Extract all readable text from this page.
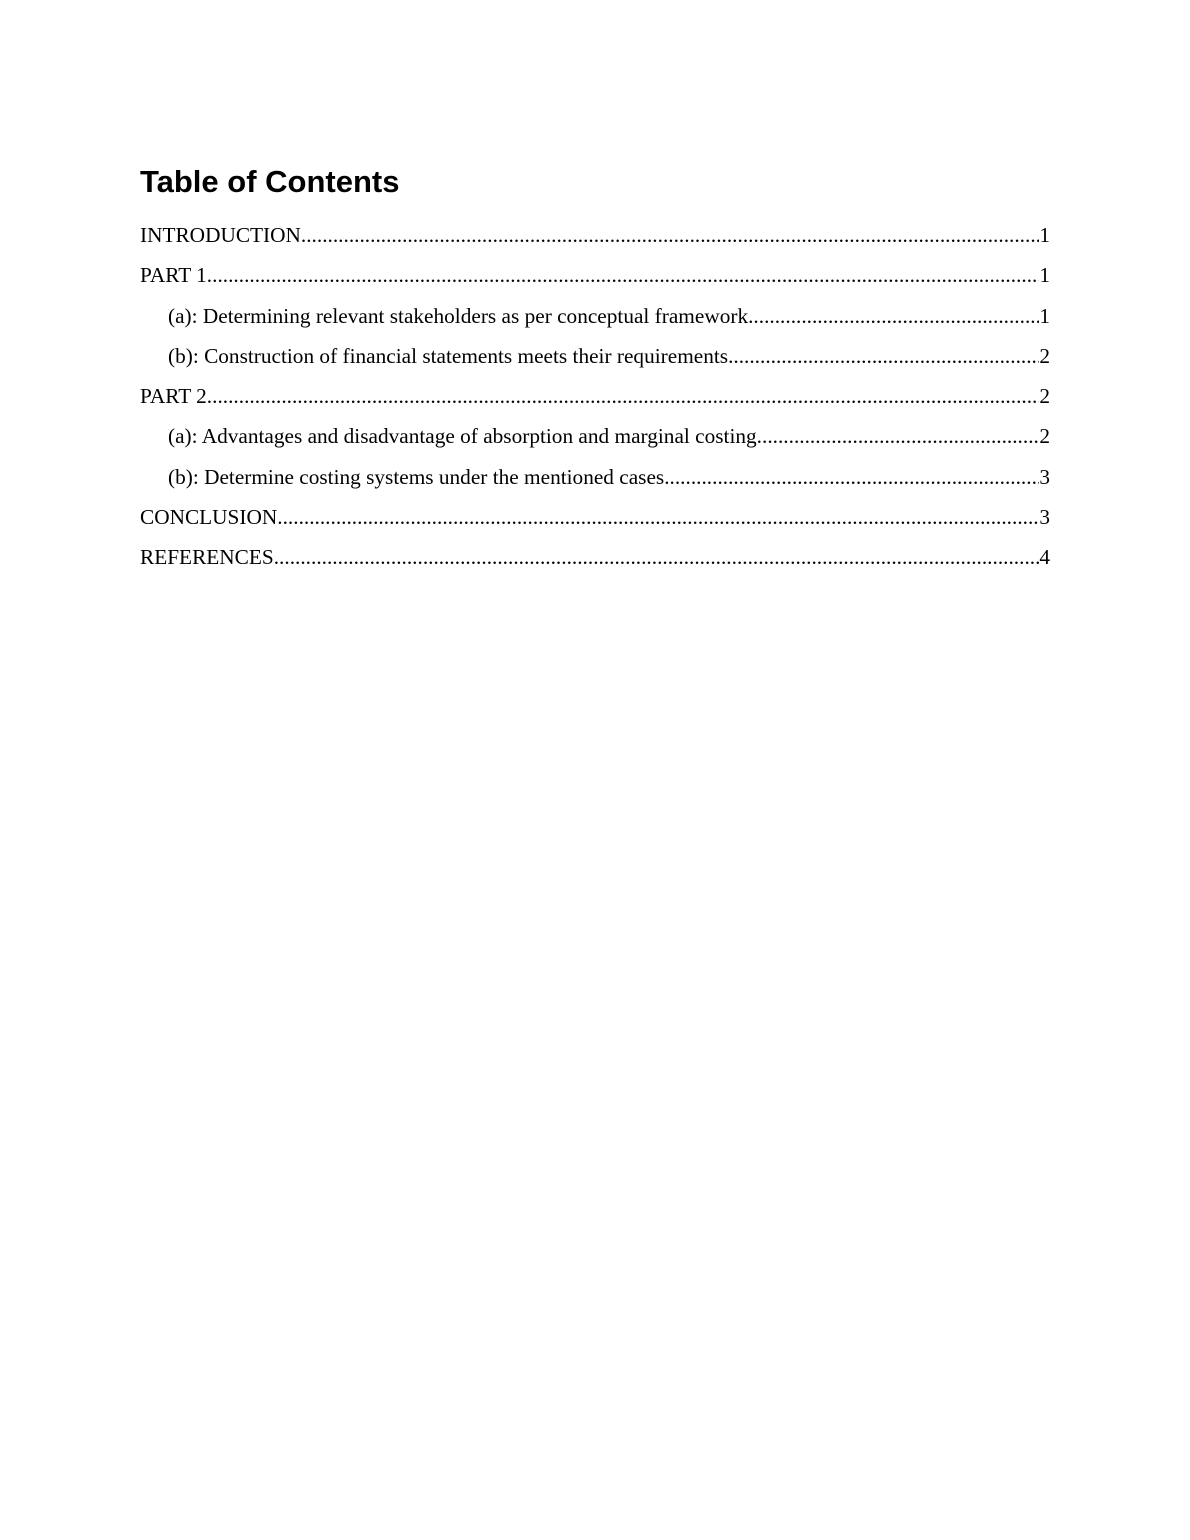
Table of Contents
INTRODUCTION .....	1
PART 1 .....	1
(a): Determining relevant stakeholders as per conceptual framework .....	1
(b): Construction of financial statements meets their requirements .....	2
PART 2 .....	2
(a): Advantages and disadvantage of absorption and marginal costing .....	2
(b): Determine costing systems under the mentioned cases .....	3
CONCLUSION .....	3
REFERENCES .....	4
